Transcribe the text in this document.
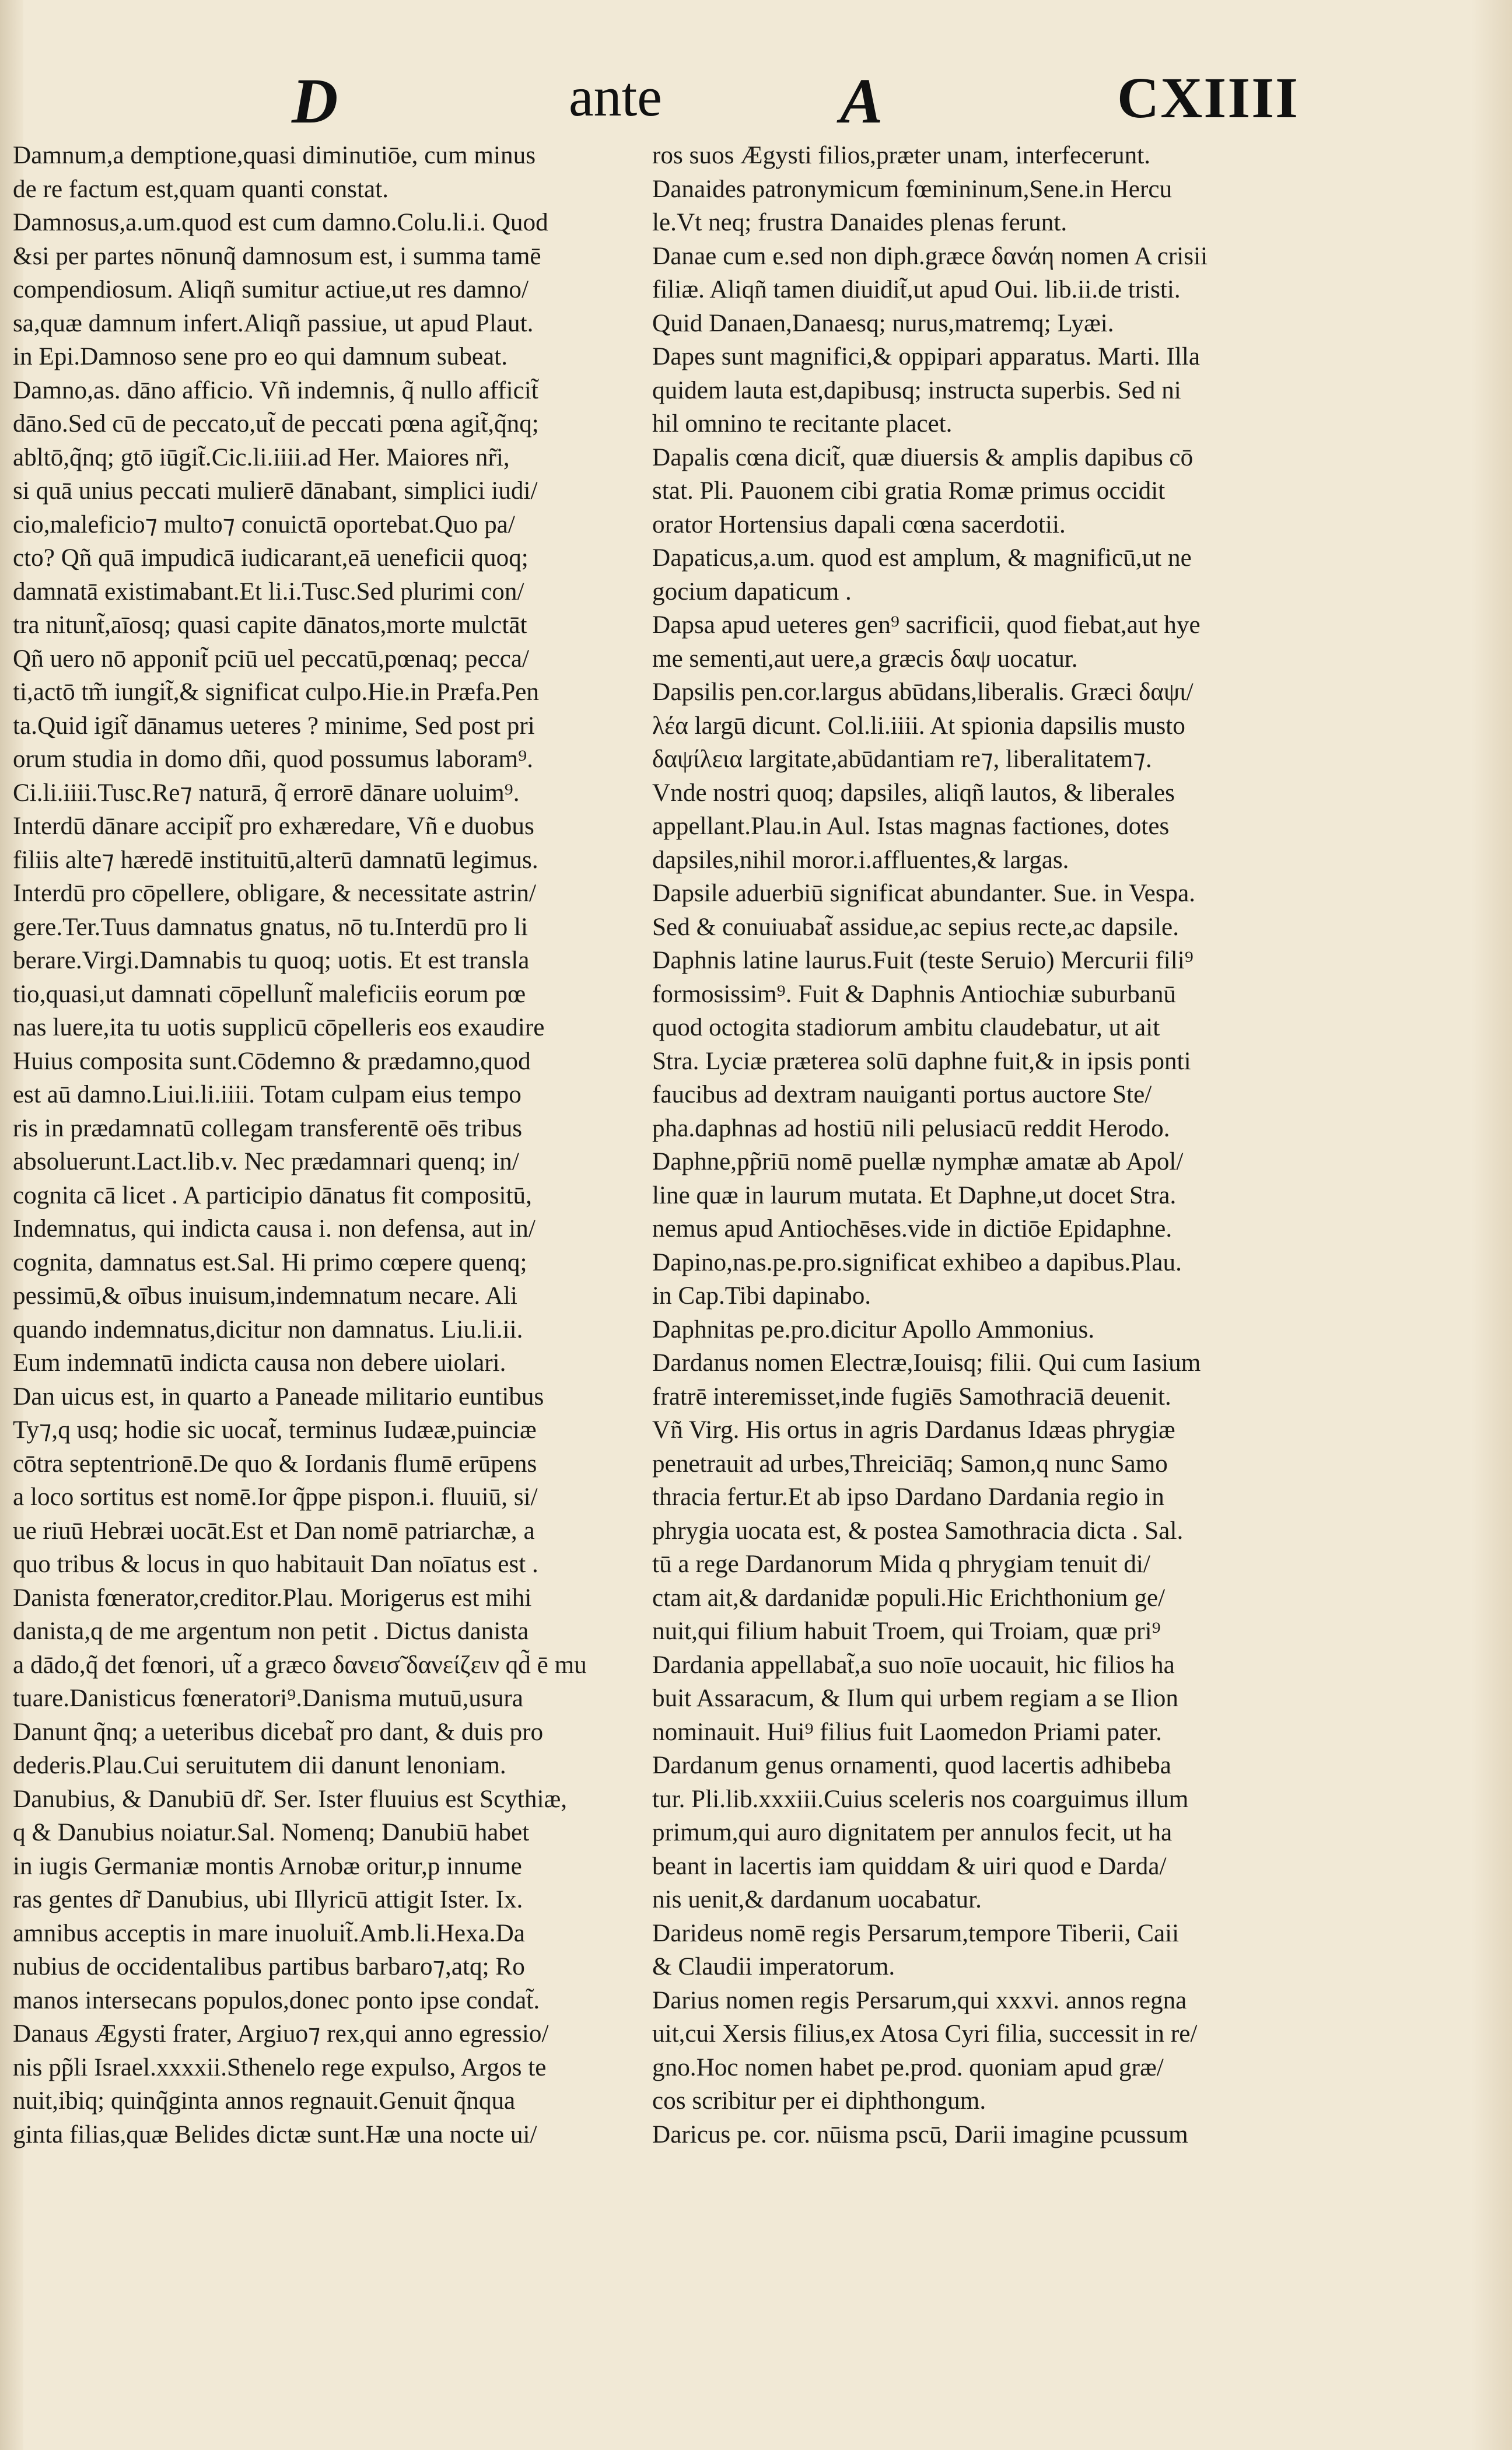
D	ante	A	CXIIII
Damnum,a demptione,quasi diminutiōe, cum minus
de re factum est,quam quanti constat.
Damnosus,a.um.quod est cum damno.Colu.li.i. Quod
&si per partes nōnunq̃ damnosum est, i summa tamē
compendiosum. Aliqñ sumitur actiue,ut res damno/
sa,quæ damnum infert.Aliqñ passiue, ut apud Plaut.
in Epi.Damnoso sene pro eo qui damnum subeat.
Damno,as. dāno afficio. Vñ indemnis, q̃ nullo afficit̃
dāno.Sed cū de peccato,ut̃ de peccati pœna agit̃,q̃nq;
abltō,q̃nq; gtō iūgit̃.Cic.li.iiii.ad Her. Maiores nr̃i,
si quā unius peccati mulierē dānabant, simplici iudi/
cio,maleficio⁊ multo⁊ conuictā oportebat.Quo pa/
cto? Qñ quā impudicā iudicarant,eā ueneficii quoq;
damnatā existimabant.Et li.i.Tusc.Sed plurimi con/
tra nitunt̃,aīosq; quasi capite dānatos,morte mulctāt
Qñ uero nō apponit̃ pciū uel peccatū,pœnaq; pecca/
ti,actō tm̃ iungit̃,& significat culpo.Hie.in Præfa.Pen
ta.Quid igit̃ dānamus ueteres ? minime, Sed post pri
orum studia in domo dñi, quod possumus laboram⁹.
Ci.li.iiii.Tusc.Re⁊ naturā, q̃ errorē dānare uoluim⁹.
Interdū dānare accipit̃ pro exhæredare, Vñ e duobus
filiis alte⁊ hæredē instituitū,alterū damnatū legimus.
Interdū pro cōpellere, obligare, & necessitate astrin/
gere.Ter.Tuus damnatus gnatus, nō tu.Interdū pro li
berare.Virgi.Damnabis tu quoq; uotis. Et est transla
tio,quasi,ut damnati cōpellunt̃ maleficiis eorum pœ
nas luere,ita tu uotis supplicū cōpelleris eos exaudire
Huius composita sunt.Cōdemno & prædamno,quod
est aū damno.Liui.li.iiii. Totam culpam eius tempo
ris in prædamnatū collegam transferentē oēs tribus
absoluerunt.Lact.lib.v. Nec prædamnari quenq; in/
cognita cā licet . A participio dānatus fit compositū,
Indemnatus, qui indicta causa i. non defensa, aut in/
cognita, damnatus est.Sal. Hi primo cœpere quenq;
pessimū,& oībus inuisum,indemnatum necare. Ali
quando indemnatus,dicitur non damnatus. Liu.li.ii.
Eum indemnatū indicta causa non debere uiolari.
Dan uicus est, in quarto a Paneade militario euntibus
Ty⁊,q usq; hodie sic uocat̃, terminus Iudææ,puinciæ
cōtra septentrionē.De quo & Iordanis flumē erūpens
a loco sortitus est nomē.Ior q̃ppe pispon.i. fluuiū, si/
ue riuū Hebræi uocāt.Est et Dan nomē patriarchæ, a
quo tribus & locus in quo habitauit Dan noīatus est .
Danista fœnerator,creditor.Plau. Morigerus est mihi
danista,q de me argentum non petit . Dictus danista
a dādo,q̃ det fœnori, ut̃ a græco δανεισ̃ δανείζειν qd̃ ē mu
tuare.Danisticus fœneratori⁹.Danisma mutuū,usura
Danunt q̃nq; a ueteribus dicebat̃ pro dant, & duis pro
dederis.Plau.Cui seruitutem dii danunt lenoniam.
Danubius, & Danubiū dr̃. Ser. Ister fluuius est Scythiæ,
q & Danubius noiatur.Sal. Nomenq; Danubiū habet
in iugis Germaniæ montis Arnobæ oritur,p innume
ras gentes dr̃ Danubius, ubi Illyricū attigit Ister. Ix.
amnibus acceptis in mare inuoluit̃.Amb.li.Hexa.Da
nubius de occidentalibus partibus barbaro⁊,atq; Ro
manos intersecans populos,donec ponto ipse condat̃.
Danaus Ægysti frater, Argiuo⁊ rex,qui anno egressio/
nis pp̃li Israel.xxxxii.Sthenelo rege expulso, Argos te
nuit,ibiq; quinq̃ginta annos regnauit.Genuit q̃nqua
ginta filias,quæ Belides dictæ sunt.Hæ una nocte ui/
ros suos Ægysti filios,præter unam, interfecerunt.
Danaides patronymicum fœmininum,Sene.in Hercu
le.Vt neq; frustra Danaides plenas ferunt.
Danae cum e.sed non diph.græce δανάη nomen A crisii
filiæ. Aliqñ tamen diuidit̃,ut apud Oui. lib.ii.de tristi.
Quid Danaen,Danaesq; nurus,matremq; Lyæi.
Dapes sunt magnifici,& oppipari apparatus. Marti. Illa
quidem lauta est,dapibusq; instructa superbis. Sed ni
hil omnino te recitante placet.
Dapalis cœna dicit̃, quæ diuersis & amplis dapibus cō
stat. Pli. Pauonem cibi gratia Romæ primus occidit
orator Hortensius dapali cœna sacerdotii.
Dapaticus,a.um. quod est amplum, & magnificū,ut ne
gocium dapaticum .
Dapsa apud ueteres gen⁹ sacrificii, quod fiebat,aut hye
me sementi,aut uere,a græcis δαψ uocatur.
Dapsilis pen.cor.largus abūdans,liberalis. Græci δαψι/
λέα largū dicunt. Col.li.iiii. At spionia dapsilis musto
δαψίλεια largitate,abūdantiam re⁊, liberalitatem⁊.
Vnde nostri quoq; dapsiles, aliqñ lautos, & liberales
appellant.Plau.in Aul. Istas magnas factiones, dotes
dapsiles,nihil moror.i.affluentes,& largas.
Dapsile aduerbiū significat abundanter. Sue. in Vespa.
Sed & conuiuabat̃ assidue,ac sepius recte,ac dapsile.
Daphnis latine laurus.Fuit (teste Seruio) Mercurii fili⁹
formosissim⁹. Fuit & Daphnis Antiochiæ suburbanū
quod octogita stadiorum ambitu claudebatur, ut ait
Stra. Lyciæ præterea solū daphne fuit,& in ipsis ponti
faucibus ad dextram nauiganti portus auctore Ste/
pha.daphnas ad hostiū nili pelusiacū reddit Herodo.
Daphne,pp̃riū nomē puellæ nymphæ amatæ ab Apol/
line quæ in laurum mutata. Et Daphne,ut docet Stra.
nemus apud Antiochēses.vide in dictiōe Epidaphne.
Dapino,nas.pe.pro.significat exhibeo a dapibus.Plau.
in Cap.Tibi dapinabo.
Daphnitas pe.pro.dicitur Apollo Ammonius.
Dardanus nomen Electræ,Iouisq; filii. Qui cum Iasium
fratrē interemisset,inde fugiēs Samothraciā deuenit.
Vñ Virg. His ortus in agris Dardanus Idæas phrygiæ
penetrauit ad urbes,Threiciāq; Samon,q nunc Samo
thracia fertur.Et ab ipso Dardano Dardania regio in
phrygia uocata est, & postea Samothracia dicta . Sal.
tū a rege Dardanorum Mida q phrygiam tenuit di/
ctam ait,& dardanidæ populi.Hic Erichthonium ge/
nuit,qui filium habuit Troem, qui Troiam, quæ pri⁹
Dardania appellabat̃,a suo noīe uocauit, hic filios ha
buit Assaracum, & Ilum qui urbem regiam a se Ilion
nominauit. Hui⁹ filius fuit Laomedon Priami pater.
Dardanum genus ornamenti, quod lacertis adhibeba
tur. Pli.lib.xxxiii.Cuius sceleris nos coarguimus illum
primum,qui auro dignitatem per annulos fecit, ut ha
beant in lacertis iam quiddam & uiri quod e Darda/
nis uenit,& dardanum uocabatur.
Darideus nomē regis Persarum,tempore Tiberii, Caii
& Claudii imperatorum.
Darius nomen regis Persarum,qui xxxvi. annos regna
uit,cui Xersis filius,ex Atosa Cyri filia, successit in re/
gno.Hoc nomen habet pe.prod. quoniam apud græ/
cos scribitur per ei diphthongum.
Daricus pe. cor. nūisma pscū, Darii imagine pcussum
